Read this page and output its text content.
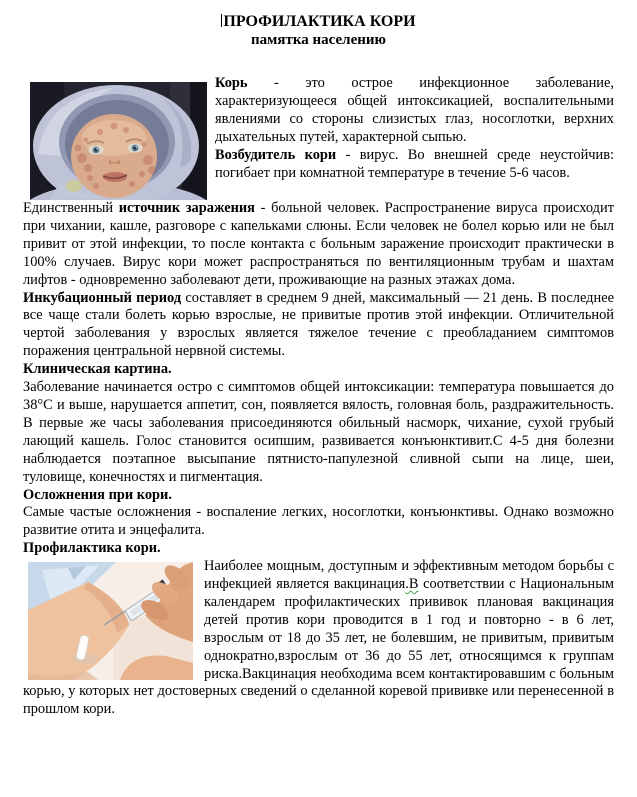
ПРОФИЛАКТИКА КОРИ
памятка населению

Корь - это острое инфекционное заболевание, характеризующееся общей интоксикацией, воспалительными явлениями со стороны слизистых глаз, носоглотки, верхних дыхательных путей, характерной сыпью.

Возбудитель кори - вирус. Во внешней среде неустойчив: погибает при комнатной температуре в течение 5-6 часов.

Единственный источник заражения - больной человек. Распространение вируса происходит при чихании, кашле, разговоре с капельками слюны. Если человек не болел корью или не был привит от этой инфекции, то после контакта с больным заражение происходит практически в 100% случаев. Вирус кори может распространяться по вентиляционным трубам и шахтам лифтов - одновременно заболевают дети, проживающие на разных этажах дома.

Инкубационный период составляет в среднем 9 дней, максимальный — 21 день. В последнее все чаще стали болеть корью взрослые, не привитые против этой инфекции. Отличительной чертой заболевания у взрослых является тяжелое течение с преобладанием симптомов поражения центральной нервной системы.

Клиническая картина.

Заболевание начинается остро с симптомов общей интоксикации: температура повышается до 38°С и выше, нарушается аппетит, сон, появляется вялость, головная боль, раздражительность. В первые же часы заболевания присоединяются обильный насморк, чихание, сухой грубый лающий кашель. Голос становится осипшим, развивается конъюнктивит.С 4-5 дня болезни наблюдается поэтапное высыпание пятнисто-папулезной сливной сыпи на лице, шеи, туловище, конечностях и пигментация.

Осложнения при кори.

Самые частые осложнения - воспаление легких, носоглотки, конъюнктивы. Однако возможно развитие отита и энцефалита.

Профилактика кори.

Наиболее мощным, доступным и эффективным методом борьбы с инфекцией является вакцинация.В соответствии с Национальным календарем профилактических прививок плановая вакцинация детей против кори проводится в 1 год и повторно - в 6 лет, взрослым от 18 до 35 лет, не болевшим, не привитым, привитым однократно,взрослым от 36 до 55 лет, относящимся к группам риска.Вакцинация необходима всем контактировавшим с больным корью, у которых нет достоверных сведений о сделанной коревой прививке или перенесенной в прошлом кори.
